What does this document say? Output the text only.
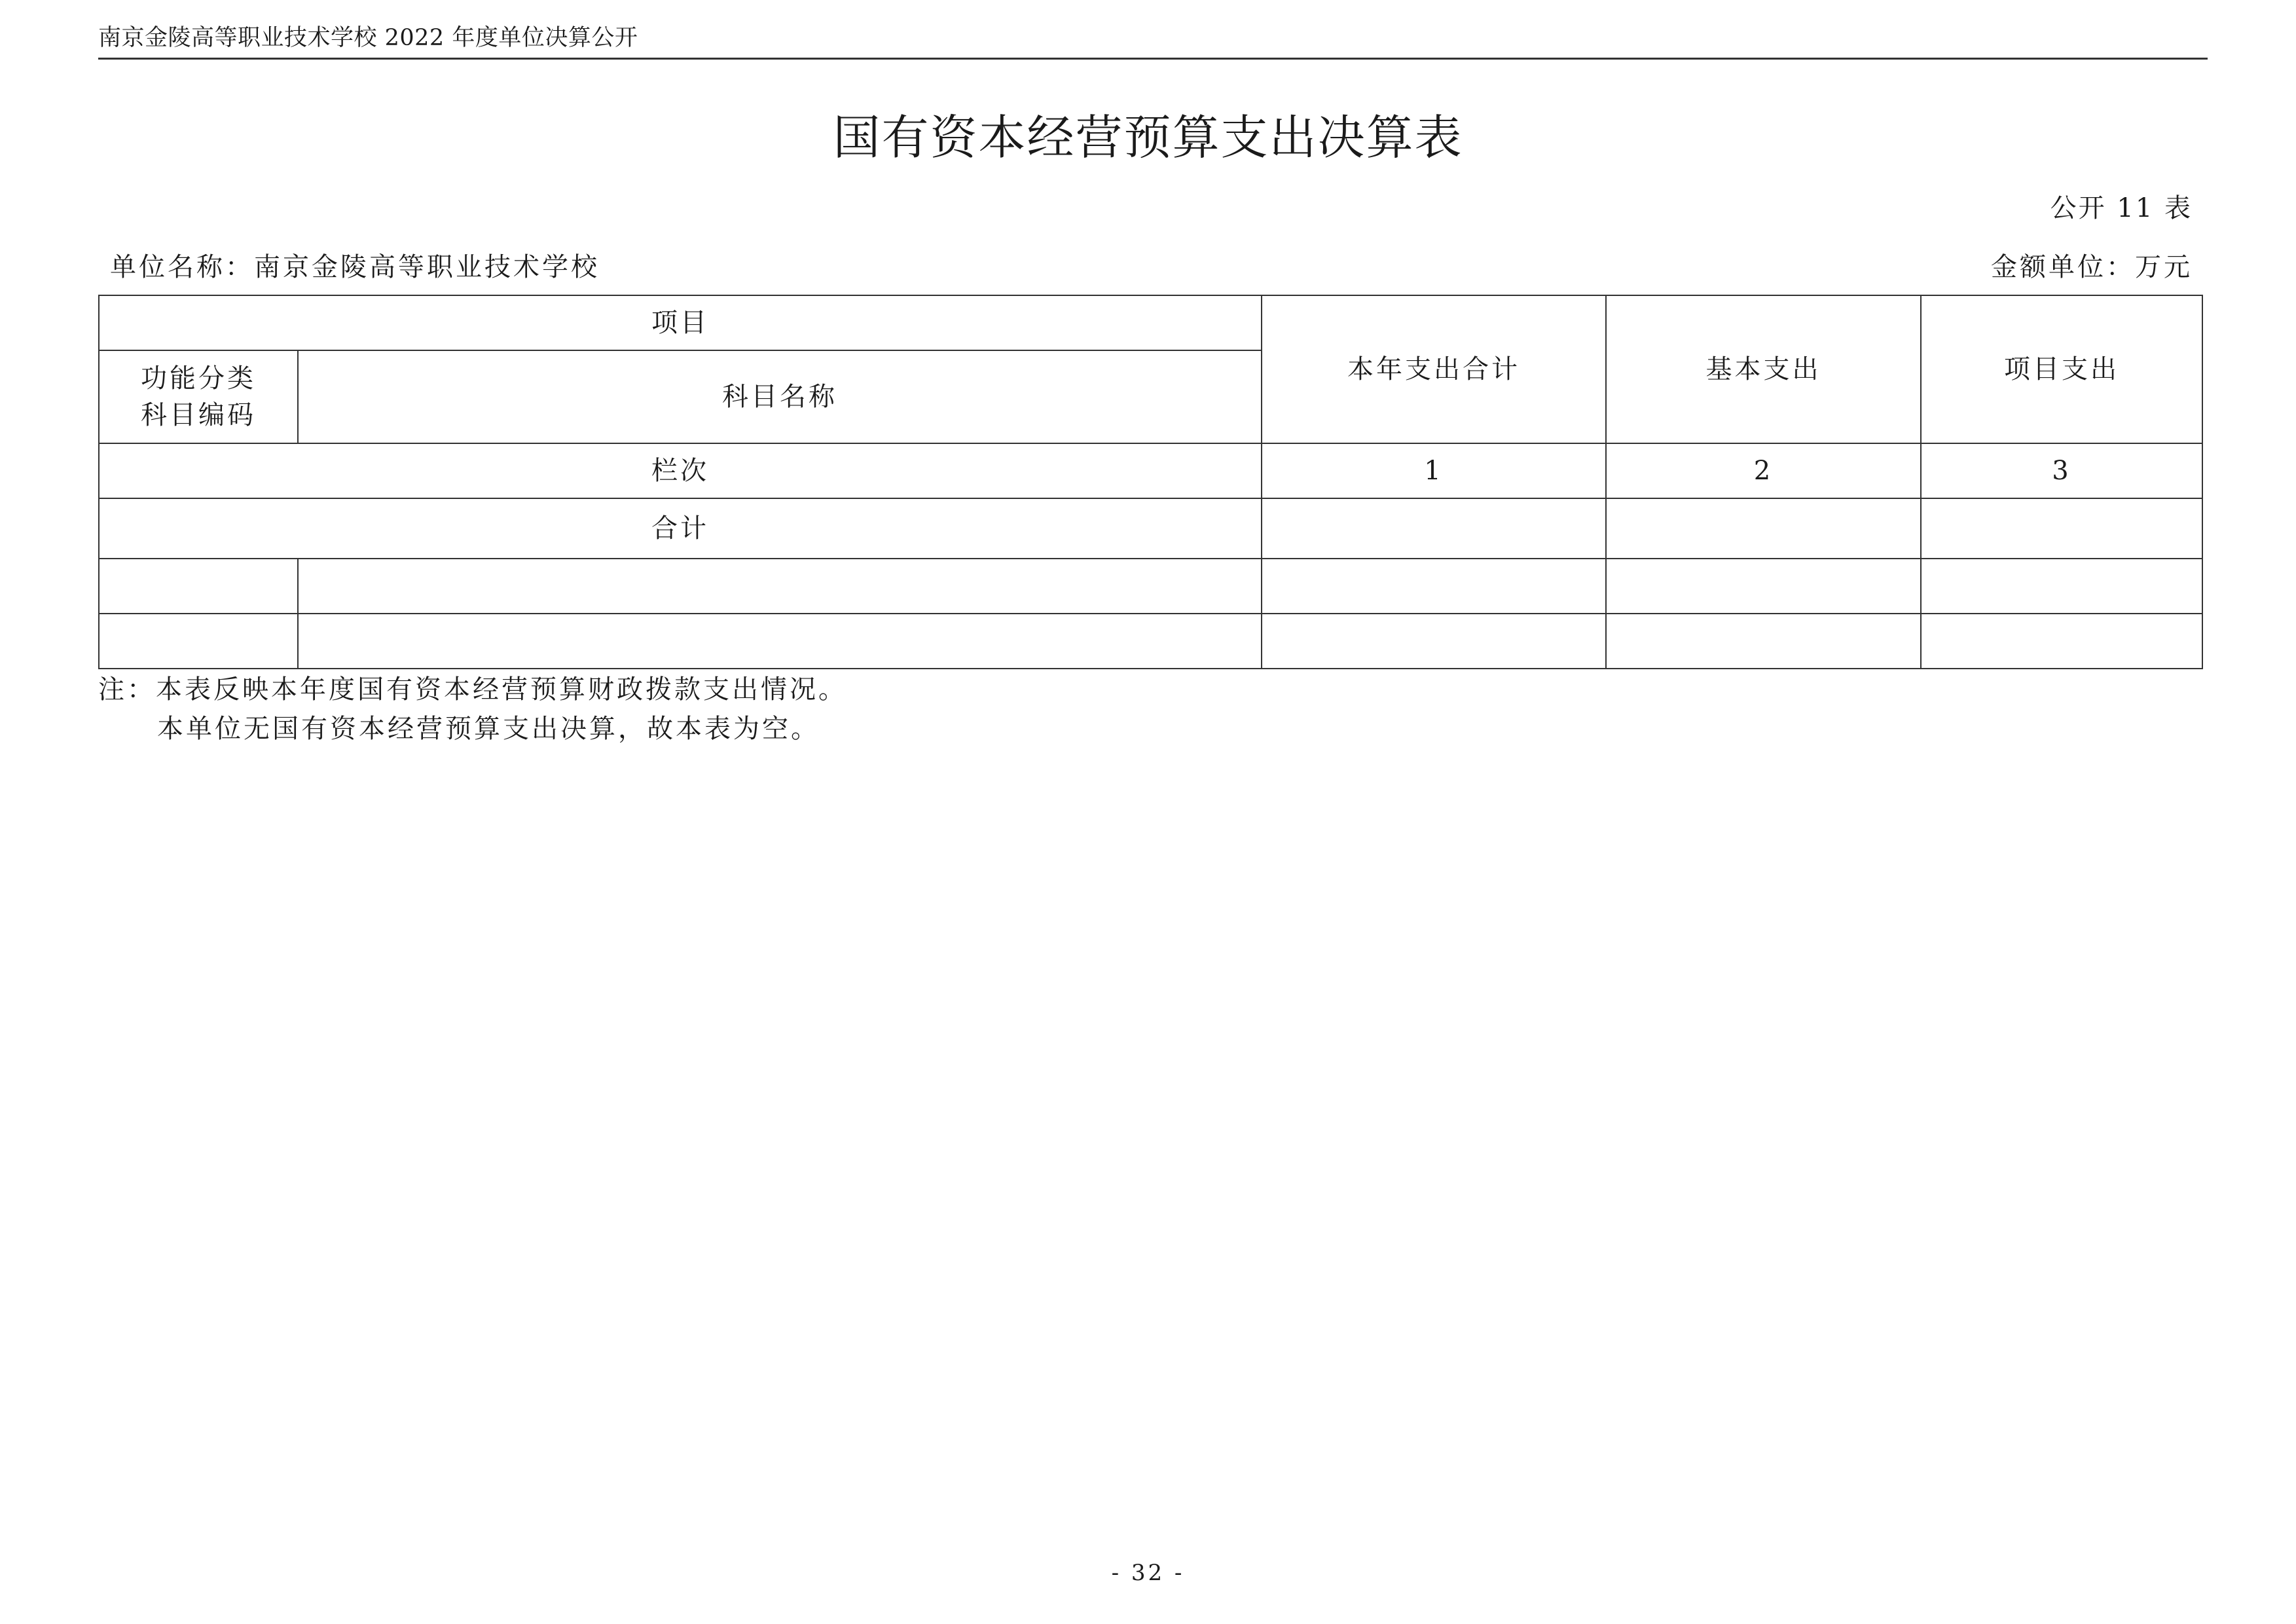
南京金陵高等职业技术学校 2022 年度单位决算公开
国有资本经营预算支出决算表
公开 11 表
单位名称：南京金陵高等职业技术学校	金额单位：万元
项目		本年支出合计	基本支出	项目支出

功能分类
科目编码	科目名称			
栏次		1	2	3
合计				

注：本表反映本年度国有资本经营预算财政拨款支出情况。
本单位无国有资本经营预算支出决算，故本表为空。
- 32 -
